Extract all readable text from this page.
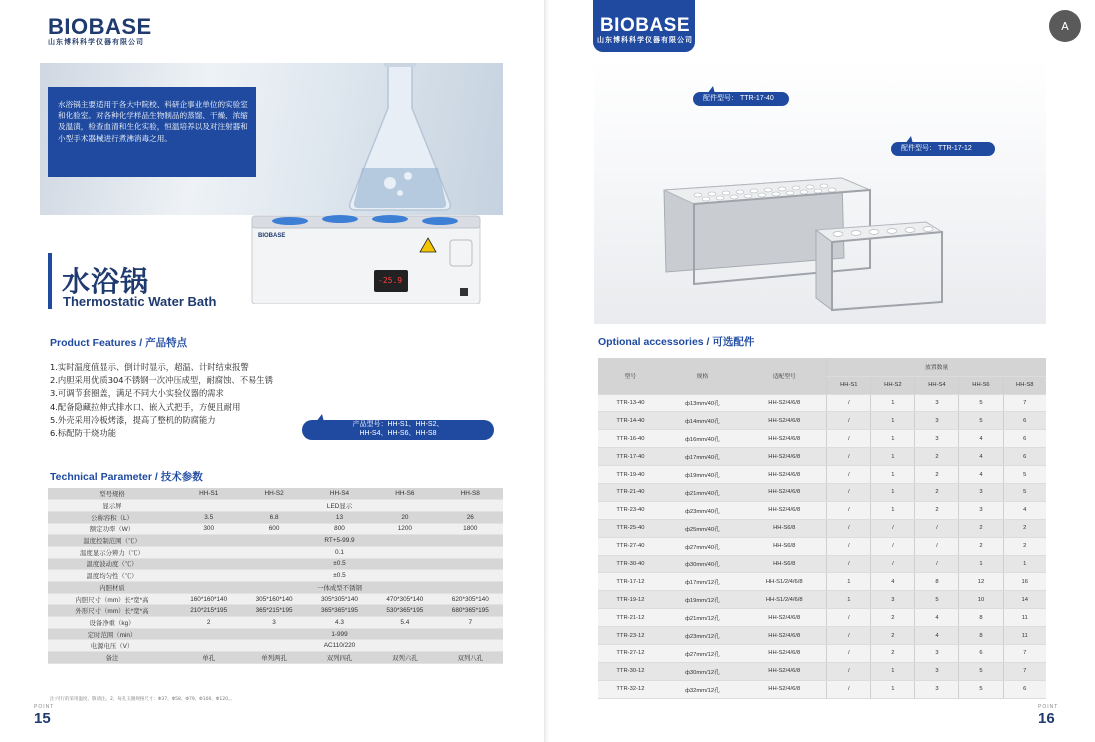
BIOBASE
山东博科科学仪器有限公司
水浴锅主要适用于各大中院校、科研企事业单位的实验室和化验室。对各种化学样品生物制品的蒸馏、干燥、浓缩及温渍，检查血清和生化实验，恒温培养以及对注射器和小型手术器械进行煮沸消毒之用。
BIOBASE
-25.9
水浴锅
Thermostatic Water Bath
Product Features / 产品特点
1.实时温度值显示、倒计时显示，超温、计时结束报警
2.内胆采用优质304不锈钢一次冲压成型，耐腐蚀、不易生锈
3.可调节套圈盖，满足不同大小实验仪器的需求
4.配备隐藏拉伸式排水口、嵌入式把手，方便且耐用
5.外壳采用冷板烤漆，提高了整机的防腐能力
6.标配防干烧功能
产品型号：HH-S1、HH-S2、
HH-S4、HH-S6、HH-S8
Technical Parameter / 技术参数
型号规格	HH-S1	HH-S2	HH-S4	HH-S6	HH-S8
显示屏	LED显示				
公称容积（L）	3.5	6.8	13	20	26
额定功率（W）	300	600	800	1200	1800
温度控制范围（℃）	RT+5-99.9				
温度显示分辨力（℃）	0.1				
温度波动度（℃）	±0.5				
温度均匀性（℃）	±0.5				
内胆材质	一体成型不锈钢				
内胆尺寸（mm）长*宽*高	160*160*140	305*160*140	305*305*140	470*305*140	620*305*140
外形尺寸（mm）长*宽*高	210*215*195	365*215*195	365*365*195	530*365*195	680*365*195
设备净重（kg）	2	3	4.3	5.4	7
定时范围（min）	1-999				
电源电压（V）	AC110/220				
备注	单孔	单列两孔	双列四孔	双列六孔	双列八孔
注:可行的采用温度，敬请注。2、每孔玉圈规格尺寸：Φ37、Φ58、Φ79、Φ100、Φ120。。
POINT
15
BIOBASE
山东博科科学仪器有限公司
配件型号： TTR-17-40
配件型号： TTR-17-12
Optional accessories / 可选配件
型号	规格	适配型号	放置数量				
			HH-S1	HH-S2	HH-S4	HH-S6	HH-S8
TTR-13-40	ф13mm/40孔	HH-S2/4/6/8	/	1	3	5	7
TTR-14-40	ф14mm/40孔	HH-S2/4/6/8	/	1	3	5	6
TTR-16-40	ф16mm/40孔	HH-S2/4/6/8	/	1	3	4	6
TTR-17-40	ф17mm/40孔	HH-S2/4/6/8	/	1	2	4	6
TTR-19-40	ф19mm/40孔	HH-S2/4/6/8	/	1	2	4	5
TTR-21-40	ф21mm/40孔	HH-S2/4/6/8	/	1	2	3	5
TTR-23-40	ф23mm/40孔	HH-S2/4/6/8	/	1	2	3	4
TTR-25-40	ф25mm/40孔	HH-S6/8	/	/	/	2	2
TTR-27-40	ф27mm/40孔	HH-S6/8	/	/	/	2	2
TTR-30-40	ф30mm/40孔	HH-S6/8	/	/	/	1	1
TTR-17-12	ф17mm/12孔	HH-S1/2/4/6/8	1	4	8	12	16
TTR-19-12	ф19mm/12孔	HH-S1/2/4/6/8	1	3	5	10	14
TTR-21-12	ф21mm/12孔	HH-S2/4/6/8	/	2	4	8	11
TTR-23-12	ф23mm/12孔	HH-S2/4/6/8	/	2	4	8	11
TTR-27-12	ф27mm/12孔	HH-S2/4/6/8	/	2	3	6	7
TTR-30-12	ф30mm/12孔	HH-S2/4/6/8	/	1	3	5	7
TTR-32-12	ф32mm/12孔	HH-S2/4/6/8	/	1	3	5	6
POINT
16
A
